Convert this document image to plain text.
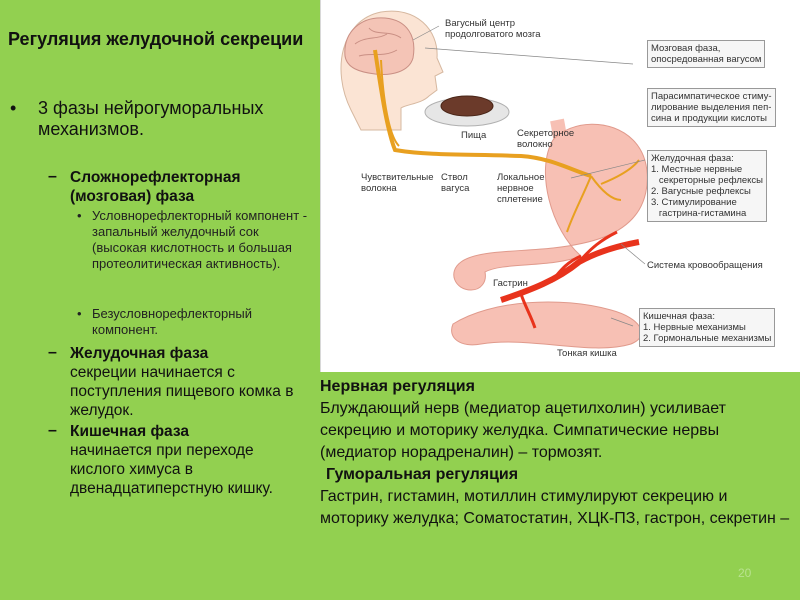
Регуляция желудочной секреции
• 3 фазы нейрогуморальных механизмов.
– Сложнорефлекторная (мозговая) фаза
• Условнорефлекторный компонент - запальный желудочный сок (высокая кислотность и большая протеолитическая активность).
• Безусловнорефлекторный компонент.
– Желудочная фаза
секреции начинается с поступления пищевого комка в желудок.
– Кишечная фаза
начинается при переходе кислого химуса в двенадцатиперстную кишку.
Вагусный центр
продолговатого мозга
Пища	Секреторное
волокно
Чувствительные
волокна
Ствол
вагуса
Локальное
нервное
сплетение
Гастрин
Тонкая кишка
Мозговая фаза,
опосредованная вагусом
Парасимпатическое стиму-
лирование выделения пеп-
сина и продукции кислоты
Желудочная фаза:
1. Местные нервные
секреторные рефлексы
2. Вагусные рефлексы
3. Стимулирование
гастрина-гистамина
Система кровообращения
Кишечная фаза:
1. Нервные механизмы
2. Гормональные механизмы
Нервная регуляция
Блуждающий нерв (медиатор ацетилхолин) усиливает секрецию и моторику желудка. Симпатические нервы (медиатор норадреналин) – тормозят.
Гуморальная регуляция
Гастрин, гистамин, мотиллин стимулируют секрецию и моторику желудка; Соматостатин, ХЦК-ПЗ, гастрон, секретин –
20
